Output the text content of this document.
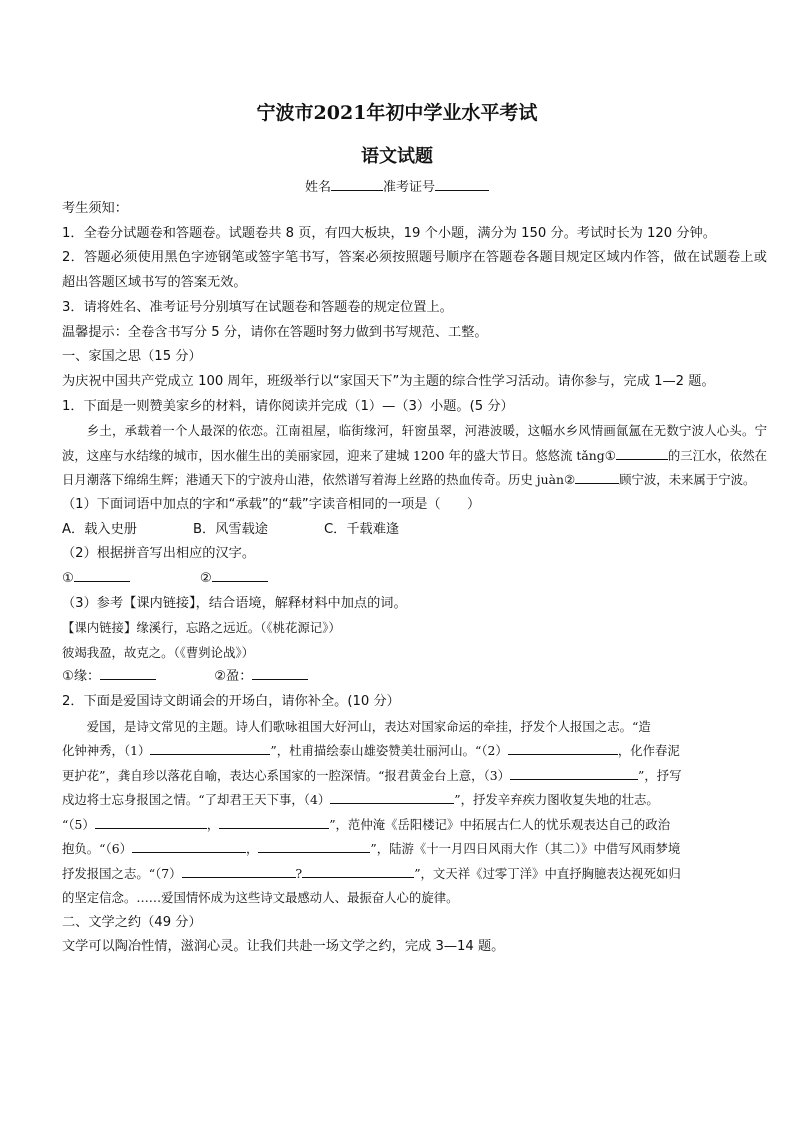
宁波市2021年初中学业水平考试
语文试题
姓名	准考证号

考生须知：

1．全卷分试题卷和答题卷。试题卷共 8 页，有四大板块，19 个小题，满分为 150 分。考试时长为 120 分钟。

2．答题必须使用黑色字迹钢笔或签字笔书写，答案必须按照题号顺序在答题卷各题目规定区域内作答，做在试题卷上或超出答题区域书写的答案无效。

3．请将姓名、准考证号分别填写在试题卷和答题卷的规定位置上。

温馨提示：全卷含书写分 5 分，请你在答题时努力做到书写规范、工整。

一、家国之思（15 分）

为庆祝中国共产党成立 100 周年，班级举行以“家国天下”为主题的综合性学习活动。请你参与，完成 1—2 题。

1．下面是一则赞美家乡的材料，请你阅读并完成（1）—（3）小题。(5 分）

乡土，承载着一个人最深的依恋。江南祖屋，临街缘河，轩窗虽翠，河港波暖，这幅水乡风情画氤氲在无数宁波人心头。宁波，这座与水结缘的城市，因水催生出的美丽家园，迎来了建城 1200 年的盛大节日。悠悠流 tǎng①	的三江水，依然在日月潮落下绵绵生辉；港通天下的宁波舟山港，依然谱写着海上丝路的热血传奇。历史 juàn②	顾宁波，未来属于宁波。

（1）下面词语中加点的字和“承载”的“载”字读音相同的一项是（　　）

A．载入史册	B．风雪载途	C．千载难逢

（2）根据拼音写出相应的汉字。

①	②

（3）参考【课内链接】，结合语境，解释材料中加点的词。

【课内链接】缘溪行，忘路之远近。（《桃花源记》）

彼竭我盈，故克之。（《曹刿论战》）

①缘：	②盈：

2．下面是爱国诗文朗诵会的开场白，请你补全。(10 分）

爱国，是诗文常见的主题。诗人们歌咏祖国大好河山，表达对国家命运的牵挂，抒发个人报国之志。“造

化钟神秀，（1）	”，杜甫描绘泰山雄姿赞美壮丽河山。“（2）	，化作春泥

更护花”，龚自珍以落花自喻，表达心系国家的一腔深情。“报君黄金台上意，（3）	”，抒写

戍边将士忘身报国之情。“了却君王天下事，（4）	”，抒发辛弃疾力图收复失地的壮志。

“（5）	，	”，范仲淹《岳阳楼记》中拓展古仁人的忧乐观表达自己的政治

抱负。“（6）	，	”，陆游《十一月四日风雨大作（其二）》中借写风雨梦境

抒发报国之志。“（7）	?	”，文天祥《过零丁洋》中直抒胸臆表达视死如归

的坚定信念。……爱国情怀成为这些诗文最感动人、最振奋人心的旋律。

二、文学之约（49 分）

文学可以陶冶性情，滋润心灵。让我们共赴一场文学之约，完成 3—14 题。
